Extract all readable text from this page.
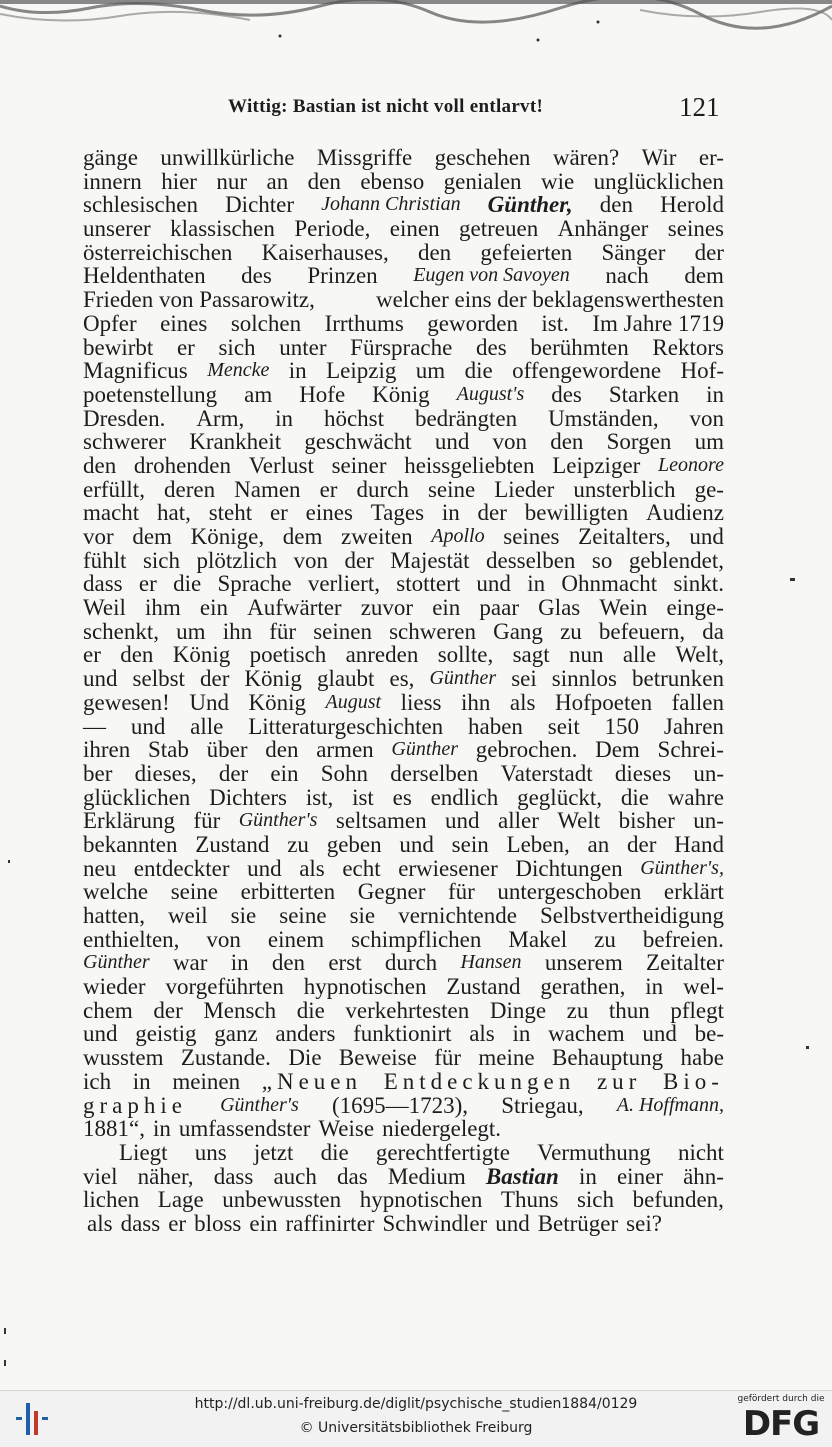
Wittig: Bastian ist nicht voll entlarvt!	121
gänge unwillkürliche Missgriffe geschehen wären? Wir er-
innern hier nur an den ebenso genialen wie unglücklichen
schlesischen Dichter Johann Christian Günther, den Herold
unserer klassischen Periode, einen getreuen Anhänger seines
österreichischen Kaiserhauses, den gefeierten Sänger der
Heldenthaten des Prinzen Eugen von Savoyen nach dem
Frieden von Passarowitz,	welcher eins der beklagenswerthesten
Opfer eines solchen Irrthums geworden ist. Im Jahre 1719
bewirbt er sich unter Fürsprache des berühmten Rektors
Magnificus Mencke in Leipzig um die offengewordene Hof-
poetenstellung am Hofe König August's des Starken in
Dresden. Arm, in höchst bedrängten Umständen, von
schwerer Krankheit geschwächt und von den Sorgen um
den drohenden Verlust seiner heissgeliebten Leipziger Leonore
erfüllt, deren Namen er durch seine Lieder unsterblich ge-
macht hat, steht er eines Tages in der bewilligten Audienz
vor dem Könige, dem zweiten Apollo seines Zeitalters, und
fühlt sich plötzlich von der Majestät desselben so geblendet,
dass er die Sprache verliert, stottert und in Ohnmacht sinkt.
Weil ihm ein Aufwärter zuvor ein paar Glas Wein einge-
schenkt, um ihn für seinen schweren Gang zu befeuern, da
er den König poetisch anreden sollte, sagt nun alle Welt,
und selbst der König glaubt es, Günther sei sinnlos betrunken
gewesen! Und König August liess ihn als Hofpoeten fallen
— und alle Litteraturgeschichten haben seit 150 Jahren
ihren Stab über den armen Günther gebrochen. Dem Schrei-
ber dieses, der ein Sohn derselben Vaterstadt dieses un-
glücklichen Dichters ist, ist es endlich geglückt, die wahre
Erklärung für Günther's seltsamen und aller Welt bisher un-
bekannten Zustand zu geben und sein Leben, an der Hand
neu entdeckter und als echt erwiesener Dichtungen Günther's,
welche seine erbitterten Gegner für untergeschoben erklärt
hatten, weil sie seine sie vernichtende Selbstvertheidigung
enthielten, von einem schimpflichen Makel zu befreien.
Günther war in den erst durch Hansen unserem Zeitalter
wieder vorgeführten hypnotischen Zustand gerathen, in wel-
chem der Mensch die verkehrtesten Dinge zu thun pflegt
und geistig ganz anders funktionirt als in wachem und be-
wusstem Zustande. Die Beweise für meine Behauptung habe
ich in meinen „Neuen Entdeckungen zur Bio-
graphie Günther's (1695—1723), Striegau, A. Hoffmann,
1881“, in umfassendster Weise niedergelegt.
Liegt uns jetzt die gerechtfertigte Vermuthung nicht
viel näher, dass auch das Medium Bastian in einer ähn-
lichen Lage unbewussten hypnotischen Thuns sich befunden,
als dass er bloss ein raffinirter Schwindler und Betrüger sei?
http://dl.ub.uni-freiburg.de/diglit/psychische_studien1884/0129
© Universitätsbibliothek Freiburg
gefördert durch die
DFG
